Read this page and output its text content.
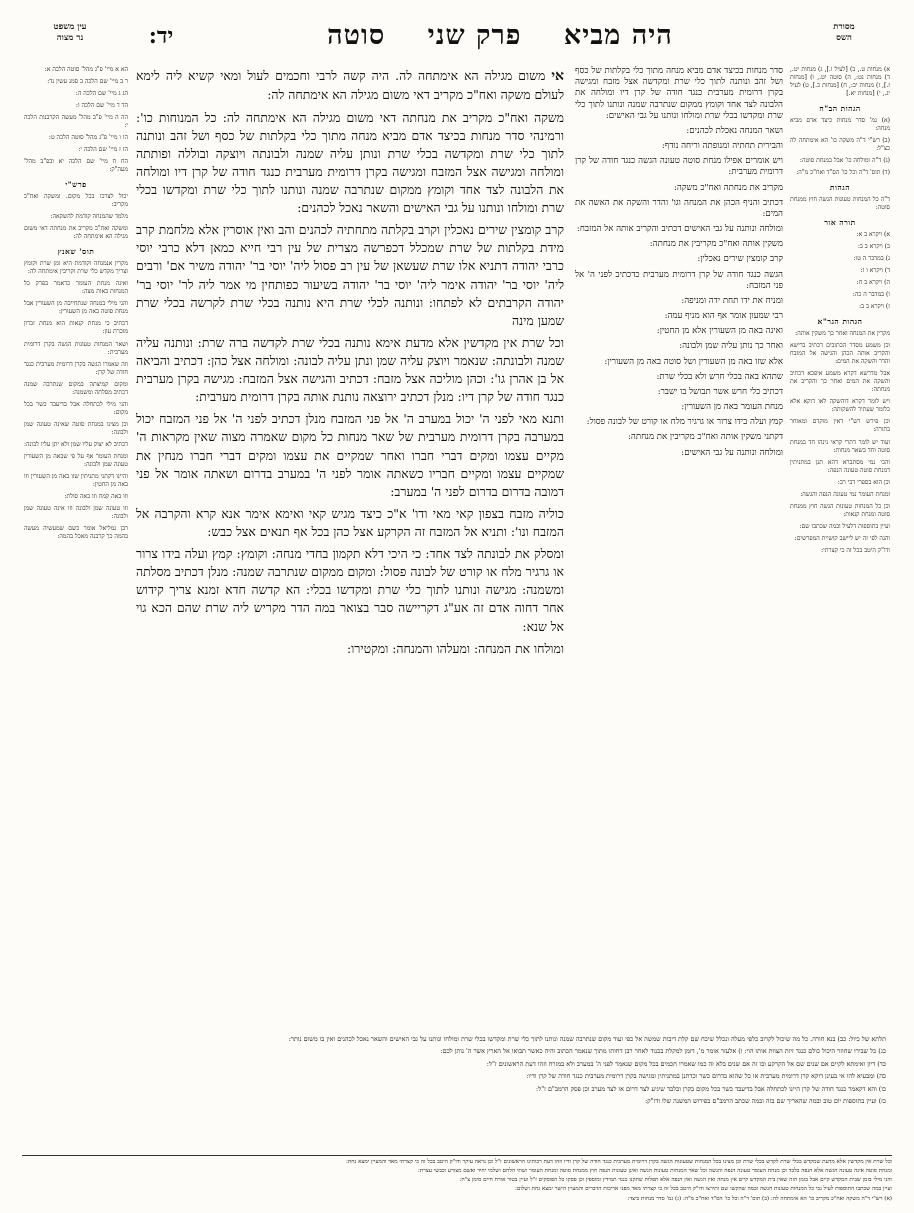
עין משפט
נר מצוה	יד:	היה מביא פרק שני סוטה	מסורת
השס
הא א מיי' פ"ג מהל' סוטה הלכה א:
ר ב מיי' שם הלכה ב סמג עשין נד:
הג ג מיי' שם הלכה ה:
הד ד מיי' שם הלכה ו:
הה ה מיי' פ"ב מהל' מעשה הקרבנות הלכה י:
הו ו מיי' פ"ג מהל' סוטה הלכה ט:
הז ז מיי' שם הלכה י:
הח ח מיי' שם הלכה יא ובפ"ב מהל' מעה"ק:
פרש"י
יכול לצרכו בכל מקום. ומשקה ואח"כ מקריב:
מלמד שהמנחה קודמת להשקאה:
ומשקה ואח"כ מקריב את מנחתה דאי משום מגילה הא אימתחה לה:
תוס' שאנץ
מקרין אנמנחה וקודמת היא ומן שרת וקומץ וצריך מקדש כלי שרת וקריבין אימתחה לה:
ואינה מנחת העומר כדאמר בפרק כל המנחות באות מצה:
והני מילי במנחה שנתחייבה מן השעורין אבל מנחת סוטה באה מן השעורין:
דכתיב כי מנחת קנאות הוא מנחת זכרון מזכרת עון:
ושאר המנחות טעונות הגשה בקרן דרומית מערבית:
וזה שאמרו הגשה בקרן דרומית מערבית כנגד חודה של קרן:
ומקום קמיצתה במקום שנתרבה שמנה דכתיב מסלתה ומשמנה:
והני מילי לכתחלה אבל בדיעבד כשר בכל מקום:
וכן מצינו במנחת סוטה שאינה טעונה שמן ולבונה:
דכתיב לא יצוק עליו שמן ולא יתן עליו לבונה:
ומנחת העומר אף על פי שבאה מן השעורין טעונה שמן ולבונה:
והיינו דקתני מתניתין שזו באה מן השעורין וזו באה מן החטין:
וזו באה קמח וזו באה סולת:
וזו טעונה שמן ולבונה וזו אינה טעונה שמן ולבונה:
רבן גמליאל אומר כשם שמעשיה מעשה בהמה כך קרבנה מאכל בהמה:

אי משום מגילה הא אימתחה לה. היה קשה לרבי וחכמים לעול ומאי קשיא ליה לימא לעולם משקה ואח"כ מקריב דאי משום מגילה הא אימתחה לה:

משקה ואח"כ מקריב את מנחתה דאי משום מגילה הא אימתחה לה: כל המנוחות כו': ורמינהי סדר מנחות בכיצד אדם מביא מנחה מתוך כלי בקלתות של כסף ושל זהב ונותנה לתוך כלי שרת ומקדשה בכלי שרת ונותן עליה שמנה ולבונתה ויוצקה ובוללה ופותתה ומולחה ומגישה אצל המזבח ומגישה בקרן דרומית מערבית כנגד חודה של קרן דיו ומולחה את הלבונה לצד אחד וקומץ ממקום שנתרבה שמנה ונותנו לתוך כלי שרת ומקדשו בכלי שרת ומולחו ונותנו על גבי האישים והשאר נאכל לכהנים:

קרב קומצין שירים נאכלין וקרב בקלתה מתחתיה לכהנים והב ואין אוסרין אלא מלחמת קרב מידת בקלתות של שרת שמכלל דכפרשה מצרית של עין רבי חייא כמאן דלא כרבי יוסי כרבי יהודה דתניא אלו שרת שעשאן של עין רב פסול ליה' יוסי בר' יהודה משיר אם' ורבים ליה' יוסי בר' יהודה אימר ליה' יוסי בר' יהודה בשיעור כפותחין מי אמר ליה לר' יוסי בר' יהודה הקרבתים לא לפתחו: ונותנה לכלי שרת היא נותנה בכלי שרת לקרשה בכלי שרת שמען מינה

וכל שרת אין מקדשין אלא מדעת אימא נותנה בכלי שרת לקדשה ברה שרת: ונותנה עליה שמנה ולבונתה: שנאמר ויוצק עליה שמן ונתן עליה לבונה: ומולחה אצל כהן: דכתיב והביאה אל בן אהרן גו': וכהן מוליכה אצל מזבח: דכתיב והגישה אצל המזבח: מגישה בקרן מערבית כנגד חודה של קרן דיו: מנלן דכתיב ירוצאה נותנת אותה בקרן דרומית מערבית:

ותנא מאי לפני ה' יכול במערב ה' אל פני המזבח מנלן דכתיב לפני ה' אל פני המזבח יכול במערבה בקרן דרומית מערבית של שאר מנחות כל מקום שאמרה מצוה שאין מקראות ה' מקיים עצמו ומקים דברי חברו ואחר שמקיים את עצמו ומקים דברי חברו מנחין את שמקיים עצמו ומקיים חבריו כשאתה אומר לפני ה' במערב בדרום ושאתה אומר אל פני דמובה בדרום בדרום לפני ה' במערב:

כוליה מזבח בצפון קאי מאי ודו' א"כ כיצד מגיש קאי ואימא אימר אנא קרא והקרבה אל המזבח ונו': ותניא אל המזבח זה הקרקע אצל כהן בכל אף תנאים אצל כבש:

ומסלק את לבונתה לצד אחד: כי היכי דלא תקמון בחדי מנחה: וקומץ: קמץ ועלה בידו צרור או גרגיר מלח או קורט של לבונה פסול: ומקום ממקום שנתרבה שמנה: מנלן דכתיב מסלתה ומשמנה: מגישה ונותנו לתוך כלי שרת ומקדשו בכלי: הא קדשה חדא זמנא צריך קידוש אחר דחוה אדם זה אע"ג דקריישה סבר בצואר במה הדר מקריש ליה שרת שהם הכא גוי אל שנא:

ומולחו את המנחה: ומעלהו והמנחה: ומקטירו:

סדר מנחות בכיצד אדם מביא מנחה מתוך כלי בקלתות של כסף ושל זהב ונותנה לתוך כלי שרת ומקדשה אצל מזבח ומגישה בקרן דרומית מערבית כנגד חודה של קרן דיו ומולחה את הלבונה לצד אחד וקומץ ממקום שנתרבה שמנה ונותנו לתוך כלי שרת ומקדשו בכלי שרת ומולחו ונותנו על גבי האישים:

ושאר המנחה נאכלת לכהנים:

והבירית תחתיה ומנופתה וריחה נודף:

ויש אומרים אפילו מנחת סוטה טעונה הגשה כנגד חודה של קרן דרומית מערבית:

מקריב את מנחתה ואח"כ משקה:

דכתיב והניף הכהן את המנחה וגו' והדר והשקה את האשה את המים:

ומולחה ונותנה על גבי האישים דכתיב והקריב אותה אל המזבח:

משקין אותה ואח"כ מקריבין את מנחתה:

קרב קומצין שירים נאכלין:

הגשה כנגד חודה של קרן דרומית מערבית כדכתיב לפני ה' אל פני המזבח:

ומניח את ידו תחת ידה ומניפה:

רבי שמעון אומר אף הוא מניף עמה:

ואינה באה מן השעורין אלא מן החטין:

ואחר כך נותן עליה שמן ולבונה:

אלא שזו באה מן השעורין ושל סוטה באה מן השעורין:

שתהא באה בכלי חרש ולא בכלי שרת:

דכתיב כלי חרש אשר תבושל בו ישבר:

מנחת העומר באה מן השעורין:

קמץ ועלה בידו צרור או גרגיר מלח או קורט של לבונה פסול:

דקתני משקין אותה ואח"כ מקריבין את מנחתה:

ומולחה ונותנה על גבי האישים:

א) מנחות ט., ב) [לעיל ו.], ג) מנחות יט., ד) מנחות נט:, ה) סוטה יט., ו) [מנחות ז.], ז) מנחות יב:, ח) [מנחות כ.], ט) לעיל יג., י) [מנחות יא.]
הגהות הב"ח
(א) גמ' סדר מנחות כיצד אדם מביא מנחה:
(ב) רש"י ד"ה משקה כו' הא אימתחה לה כצ"ל:
(ג) ד"ה ומולחה כו' אבל במנחת סוטה:
(ד) תוס' ד"ה וכל כו' הס"ד ואח"כ מ"ה:
הגהות
ד"ה כל המנחות טעונות הגשה חוץ ממנחת סוטה:
תורה אור
א) ויקרא ב א:
ב) ויקרא ב ב:
ג) במדבר ה טו:
ד) ויקרא ו ז:
ה) ויקרא ב ח:
ו) במדבר ה כה:
ז) ויקרא ב ב:
הגהות הגר"א
מקרין את המנחה ואחר כך משקין אותה:
וכן משמע מסדר הכתובים דכתיב ברישא והקריב אותה הכהן והגישה אל המזבח והדר והשקה את המים:
אבל מדרשא דקרא משמע איפכא דכתיב והשקה את המים ואחר כך והקריב את מנחתה:
ויש לומר דקרא דוהשקה לאו דוקא אלא כלומר שעתיד להשקותה:
וכן פירש רש"י דאין מוקדם ומאוחר בתורה:
ועוד יש לומר דתרי קראי נינהו חד במנחת סוטה וחד בשאר מנחות:
והכי נמי מסתברא דהא תנן במתניתין דמנחת סוטה טעונה הנפה:
וכן הוא בספרי דבי רב:
ומנחת העומר נמי טעונה הנפה והגשה:
וכן כל המנחות טעונות הגשה חוץ ממנחת סוטה ומנחת קנאות:
ועיין בתוספות דלעיל ובמה שכתבו שם:
והנה לפי זה יש ליישב קושיית המפרשים:
ודו"ק היטב בכל זה כי קצרתי:

תלתא של כיול: כב) בנא חורה. כל מה שיכול לקרוב כלפי מעלה ונכלל שיכח שם קלת דיבות שמשה אל כפי ועוד מקום שנתרבה שמנה ונותנו לתוך כלי שרת ומקדשו בכלי שרת ומולחו ונותנו על גבי האישים והשאר נאכל לכהנים ואין בו משום נותר:

כג) כל שבירו שחוזר היכול כולם כנגד זיות הצוות אותו הוי: ו) אלעזר אומר מ', דזמן למקלת בכנוד לאחר רבן דחותו מתוך שנאמר הכתוב והיה כאשר תבואו אל הארץ אשר ה' נותן לכם:

כד) דיון ואימתא לקיים אם שנים שם אל הקרקע ובו זה אם שנים בלא זה כמו שאמרו חכמים בכל מקום שנאמר לפני ה' במערב ולא במזרח וזהו דעת הראשונים ז"ל:

כה) ומבעיא להו אי בעינן דוקא קרן דרומית מערבית או כל שהוא בדרום כשר וכדתנן במתניתין ומגישה בקרן דרומית מערבית כנגד חודה של קרן ודיו:

כו) והא דקאמר כנגד חודה של קרן היינו לכתחלה אבל בדיעבד כשר בכל מקום בקרן ובלבד שיגיע לצד דרום או לצד מערב וכן פסק הרמב"ם ז"ל:

כז) ועיין בתוספות יום טוב ובמה שהאריך שם בזה ובמה שכתב הרמב"ם בפירוש המשנה שלו ודו"ק:

וכל שרת אין מקדשין אלא מדעת שמקדש בכלי שרת לקדש בכלי שרת וכן מצינו בכל המנחות שטעונות הגשה בקרן דרומית מערבית כנגד חודה של קרן ודיו וזהו דעת רבותינו הראשונים ז"ל וכן נראה עיקר ודו"ק היטב בכל זה כי קצרתי מאד והמעיין ימצא נחת:
ומנחת סוטה אינה טעונה הגשה אלא הנפה בלבד וכן מנחת העומר טעונה הנפה והגשה וכל שאר המנחות טעונות הגשה ואינן טעונות הנפה חוץ ממנחת סוטה ומנחת העומר ושתי הלחם ושלמי יחיד ואשם מצורע וכבשי עצרת:
והני מילי בזמן שבית המקדש קיים אבל בזמן הזה שאין בית המקדש קיים אין מנחה ואין הגשה ואין הנפה אלא תפלות שתקנו כנגד תמידין ומוספין וכן פסקו כל הפוסקים ז"ל ועיין בטור אורח חיים סימן צ"ח:
ועיין במה שכתבו התוספות לעיל גבי כל המנחות טעונות הגשה ובמה שהקשו שם ותירצו ודו"ק היטב בכל זה כי קצרתי מאד מפני אריכות הדברים והמעיין הישר ימצא נחת ושלום:
(א) רש"י ד"ה משקה ואח"כ מקריב כו' הא אימתחה לה: (ב) תוס' ד"ה וכל כו' הס"ד ואח"כ מ"ה: (ג) גמ' סדר מנחות כיצד:
